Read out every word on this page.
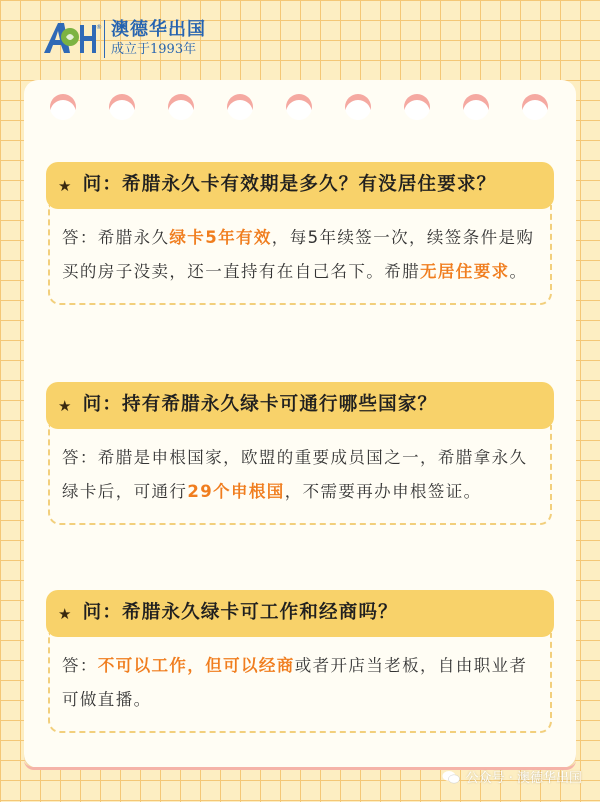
® 澳德华出国
成立于1993年
★ 问：希腊永久卡有效期是多久？有没居住要求？
答：希腊永久绿卡5年有效，每5年续签一次，续签条件是购买的房子没卖，还一直持有在自己名下。希腊无居住要求。
★ 问：持有希腊永久绿卡可通行哪些国家？
答：希腊是申根国家，欧盟的重要成员国之一，希腊拿永久绿卡后，可通行29个申根国，不需要再办申根签证。
★ 问：希腊永久绿卡可工作和经商吗？
答：不可以工作，但可以经商或者开店当老板，自由职业者可做直播。
公众号 · 澳德华出国
